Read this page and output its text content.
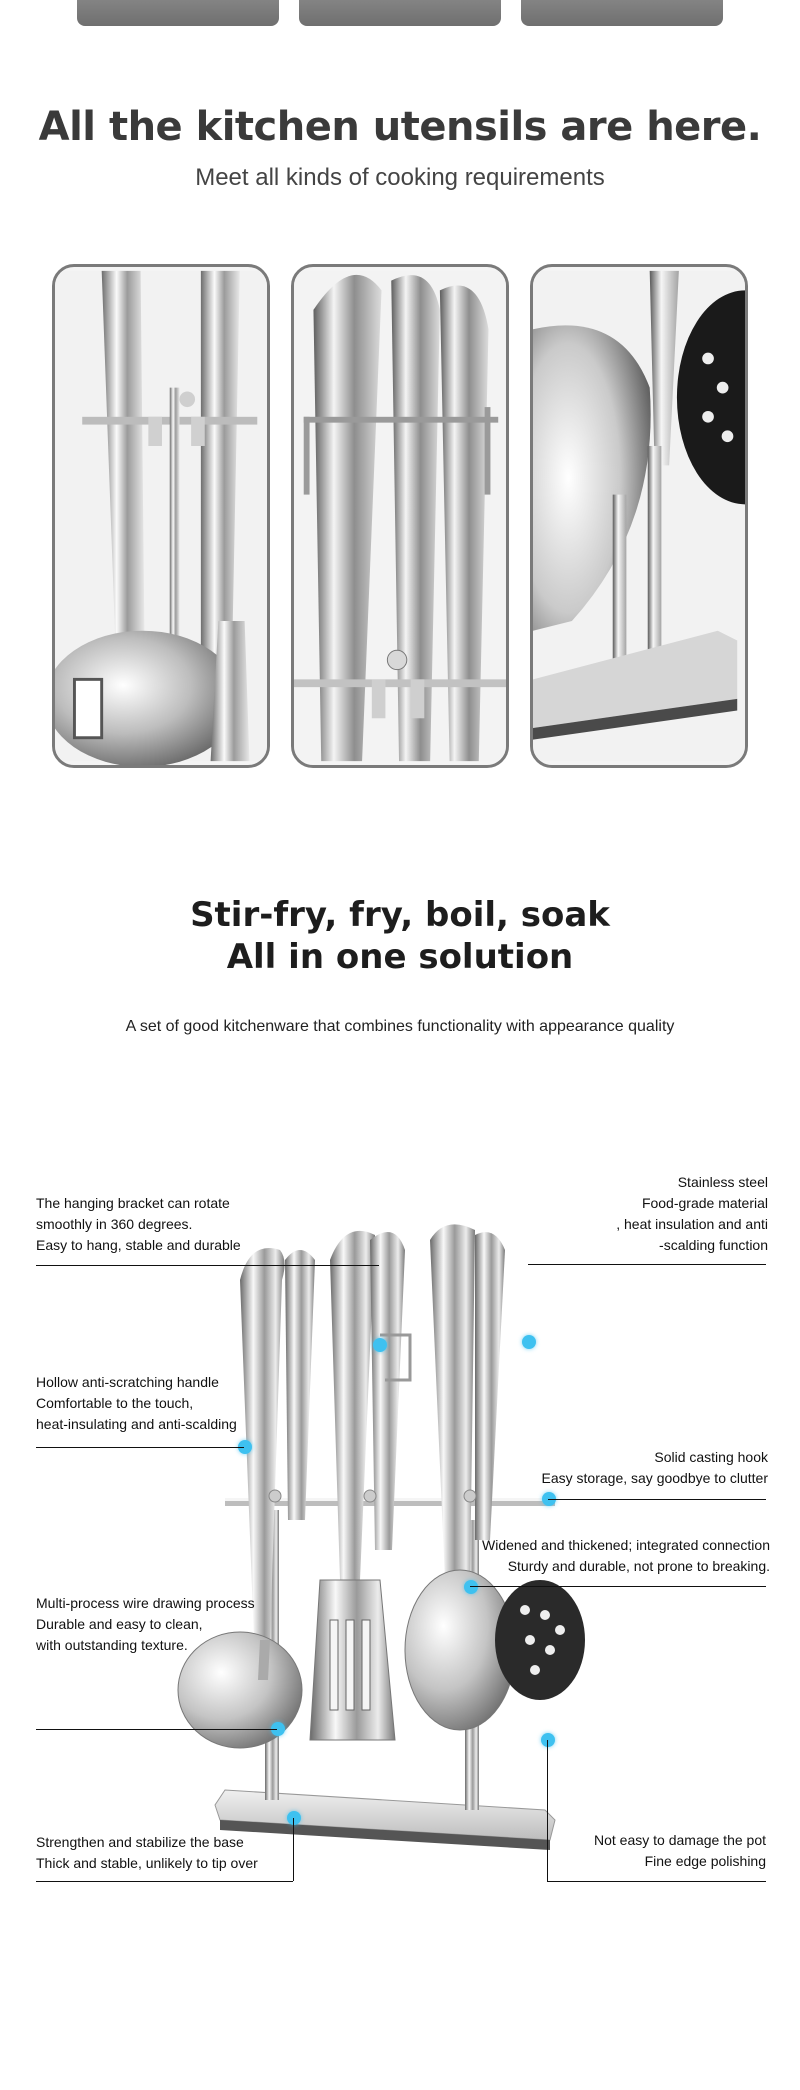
All the kitchen utensils are here.
Meet all kinds of cooking requirements
Stir-fry, fry, boil, soak
All in one solution
A set of good kitchenware that combines functionality with appearance quality
The hanging bracket can rotate
smoothly in 360 degrees.
Easy to hang, stable and durable
Stainless steel
Food-grade material
, heat insulation and anti
-scalding function
Hollow anti-scratching handle
Comfortable to the touch,
heat-insulating and anti-scalding
Solid casting hook
Easy storage, say goodbye to clutter
Widened and thickened; integrated connection
Sturdy and durable, not prone to breaking.
Multi-process wire drawing process
Durable and easy to clean,
with outstanding texture.
Strengthen and stabilize the base
Thick and stable, unlikely to tip over
Not easy to damage the pot
Fine edge polishing
